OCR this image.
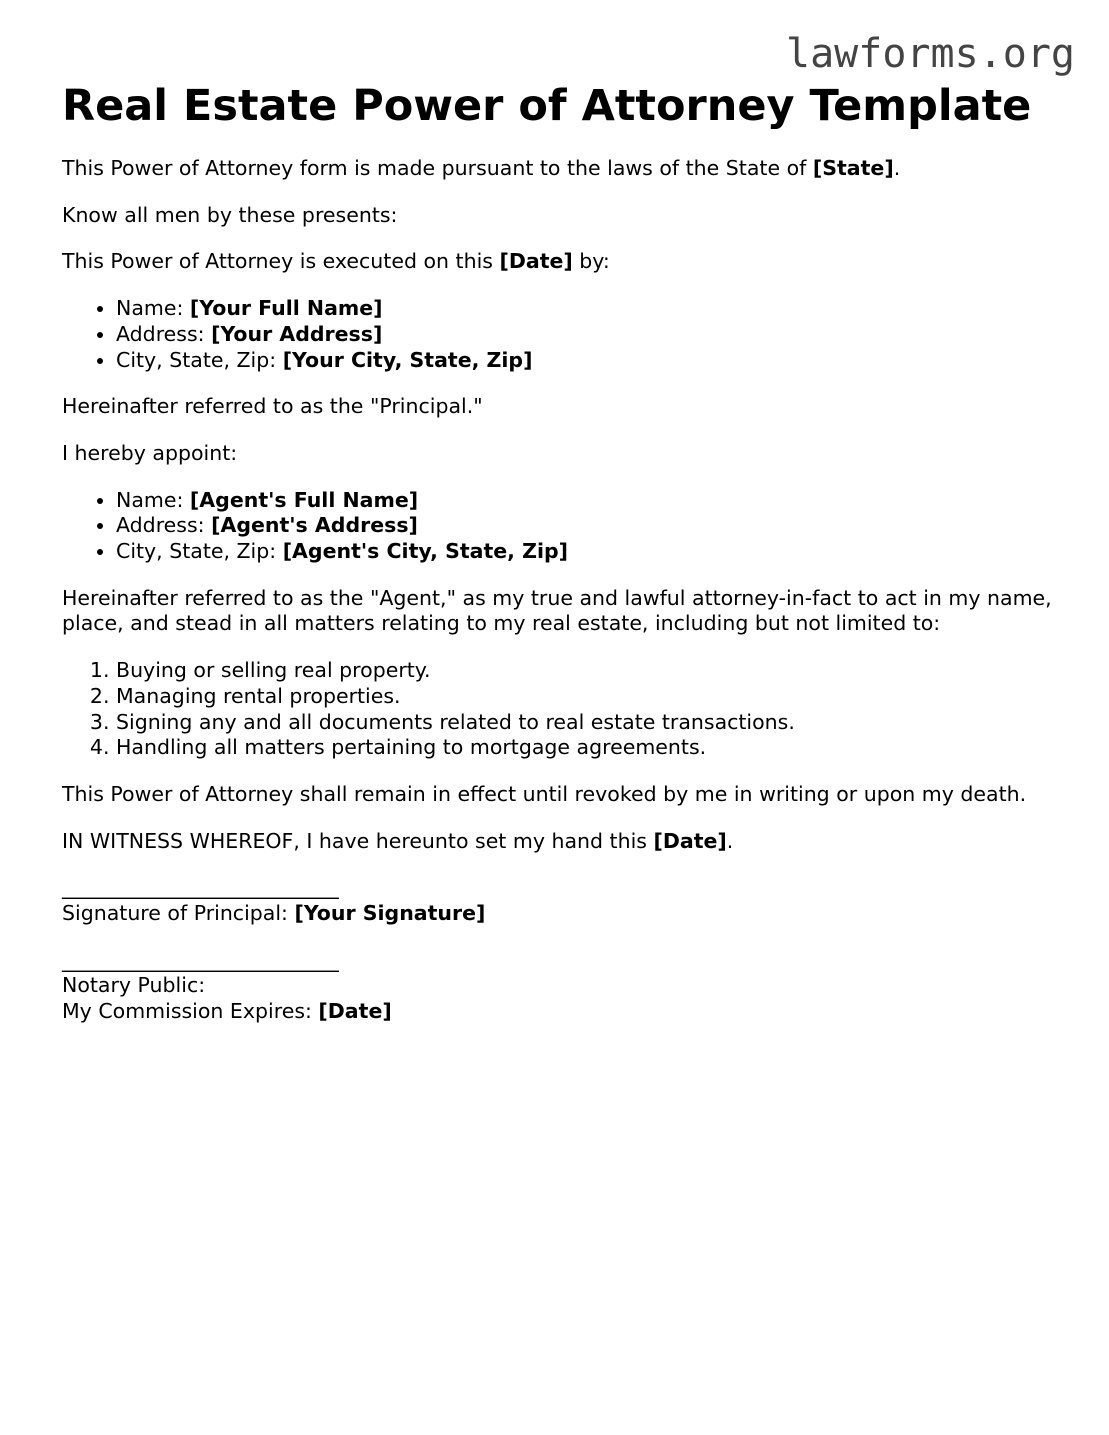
lawforms.org
Real Estate Power of Attorney Template

This Power of Attorney form is made pursuant to the laws of the State of [State].

Know all men by these presents:

This Power of Attorney is executed on this [Date] by:

• Name: [Your Full Name]
• Address: [Your Address]
• City, State, Zip: [Your City, State, Zip]

Hereinafter referred to as the "Principal."

I hereby appoint:

• Name: [Agent's Full Name]
• Address: [Agent's Address]
• City, State, Zip: [Agent's City, State, Zip]

Hereinafter referred to as the "Agent," as my true and lawful attorney-in-fact to act in my name, place, and stead in all matters relating to my real estate, including but not limited to:

1. Buying or selling real property.
2. Managing rental properties.
3. Signing any and all documents related to real estate transactions.
4. Handling all matters pertaining to mortgage agreements.

This Power of Attorney shall remain in effect until revoked by me in writing or upon my death.

IN WITNESS WHEREOF, I have hereunto set my hand this [Date].

___________________________
Signature of Principal: [Your Signature]
___________________________
Notary Public:
My Commission Expires: [Date]
